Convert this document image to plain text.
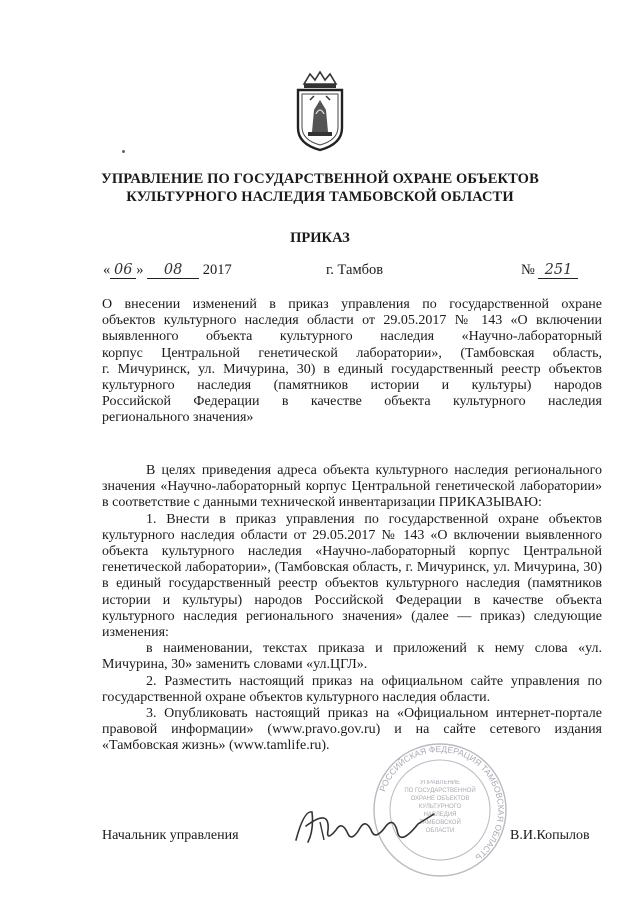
УПРАВЛЕНИЕ ПО ГОСУДАРСТВЕННОЙ ОХРАНЕ ОБЪЕКТОВ
КУЛЬТУРНОГО НАСЛЕДИЯ ТАМБОВСКОЙ ОБЛАСТИ
ПРИКАЗ
« 06 » 08 2017	г. Тамбов	№ 251
О внесении изменений в приказ управления по государственной охране
объектов культурного наследия области от 29.05.2017 № 143 «О включении
выявленного объекта культурного наследия «Научно-лабораторный
корпус Центральной генетической лаборатории», (Тамбовская область,
г. Мичуринск, ул. Мичурина, 30) в единый государственный реестр объектов
культурного наследия (памятников истории и культуры) народов
Российской Федерации в качестве объекта культурного наследия
регионального значения»

В целях приведения адреса объекта культурного наследия регионального значения «Научно-лабораторный корпус Центральной генетической лаборатории» в соответствие с данными технической инвентаризации ПРИКАЗЫВАЮ:

1. Внести в приказ управления по государственной охране объектов культурного наследия области от 29.05.2017 № 143 «О включении выявленного объекта культурного наследия «Научно-лабораторный корпус Центральной генетической лаборатории», (Тамбовская область, г. Мичуринск, ул. Мичурина, 30) в единый государственный реестр объектов культурного наследия (памятников истории и культуры) народов Российской Федерации в качестве объекта культурного наследия регионального значения» (далее — приказ) следующие изменения:

в наименовании, текстах приказа и приложений к нему слова «ул. Мичурина, 30» заменить словами «ул.ЦГЛ».

2. Разместить настоящий приказ на официальном сайте управления по государственной охране объектов культурного наследия области.

3. Опубликовать настоящий приказ на «Официальном интернет-портале правовой информации» (www.pravo.gov.ru) и на сайте сетевого издания «Тамбовская жизнь» (www.tamlife.ru).

РОССИЙСКАЯ ФЕДЕРАЦИЯ ТАМБОВСКАЯ ОБЛАСТЬ
УПРАВЛЕНИЕ
ПО ГОСУДАРСТВЕННОЙ
ОХРАНЕ ОБЪЕКТОВ
КУЛЬТУРНОГО
НАСЛЕДИЯ
ТАМБОВСКОЙ
ОБЛАСТИ
Начальник управления	В.И.Копылов
